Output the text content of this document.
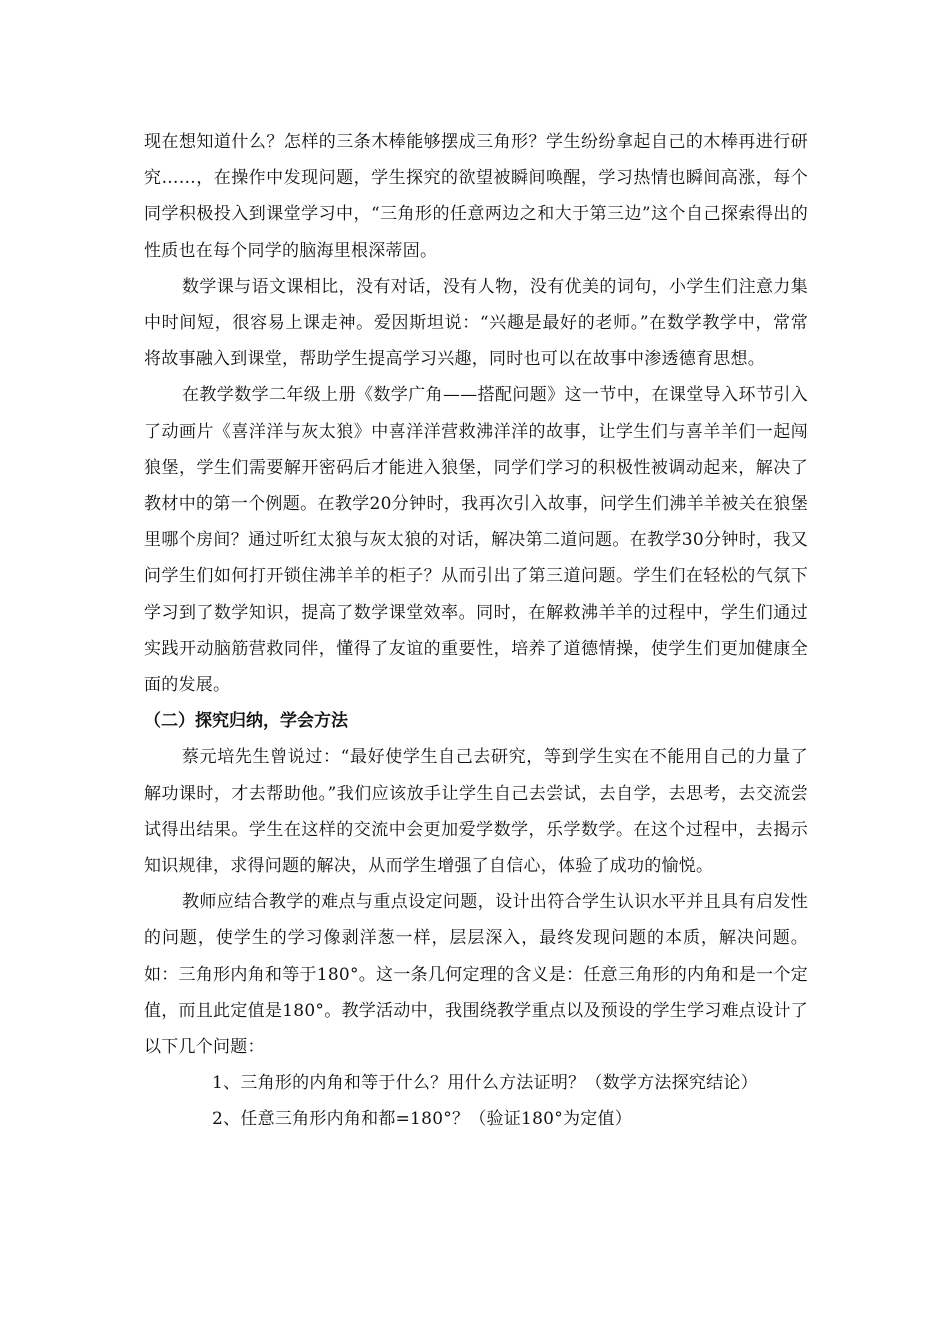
现在想知道什么？怎样的三条木棒能够摆成三角形？学生纷纷拿起自己的木棒再进行研究……，在操作中发现问题，学生探究的欲望被瞬间唤醒，学习热情也瞬间高涨，每个同学积极投入到课堂学习中，“三角形的任意两边之和大于第三边”这个自己探索得出的性质也在每个同学的脑海里根深蒂固。

数学课与语文课相比，没有对话，没有人物，没有优美的词句，小学生们注意力集中时间短，很容易上课走神。爱因斯坦说：“兴趣是最好的老师。”在数学教学中，常常将故事融入到课堂，帮助学生提高学习兴趣，同时也可以在故事中渗透德育思想。

在教学数学二年级上册《数学广角——搭配问题》这一节中，在课堂导入环节引入了动画片《喜洋洋与灰太狼》中喜洋洋营救沸洋洋的故事，让学生们与喜羊羊们一起闯狼堡，学生们需要解开密码后才能进入狼堡，同学们学习的积极性被调动起来，解决了教材中的第一个例题。在教学20分钟时，我再次引入故事，问学生们沸羊羊被关在狼堡里哪个房间？通过听红太狼与灰太狼的对话，解决第二道问题。在教学30分钟时，我又问学生们如何打开锁住沸羊羊的柜子？从而引出了第三道问题。学生们在轻松的气氛下学习到了数学知识，提高了数学课堂效率。同时，在解救沸羊羊的过程中，学生们通过实践开动脑筋营救同伴，懂得了友谊的重要性，培养了道德情操，使学生们更加健康全面的发展。

（二）探究归纳，学会方法

蔡元培先生曾说过：“最好使学生自己去研究，等到学生实在不能用自己的力量了解功课时，才去帮助他。”我们应该放手让学生自己去尝试，去自学，去思考，去交流尝试得出结果。学生在这样的交流中会更加爱学数学，乐学数学。在这个过程中，去揭示知识规律，求得问题的解决，从而学生增强了自信心，体验了成功的愉悦。

教师应结合教学的难点与重点设定问题，设计出符合学生认识水平并且具有启发性的问题，使学生的学习像剥洋葱一样，层层深入，最终发现问题的本质，解决问题。如：三角形内角和等于180°。这一条几何定理的含义是：任意三角形的内角和是一个定值，而且此定值是180°。教学活动中，我围绕教学重点以及预设的学生学习难点设计了以下几个问题：

1、三角形的内角和等于什么？用什么方法证明？（数学方法探究结论）

2、任意三角形内角和都=180°？（验证180°为定值）
